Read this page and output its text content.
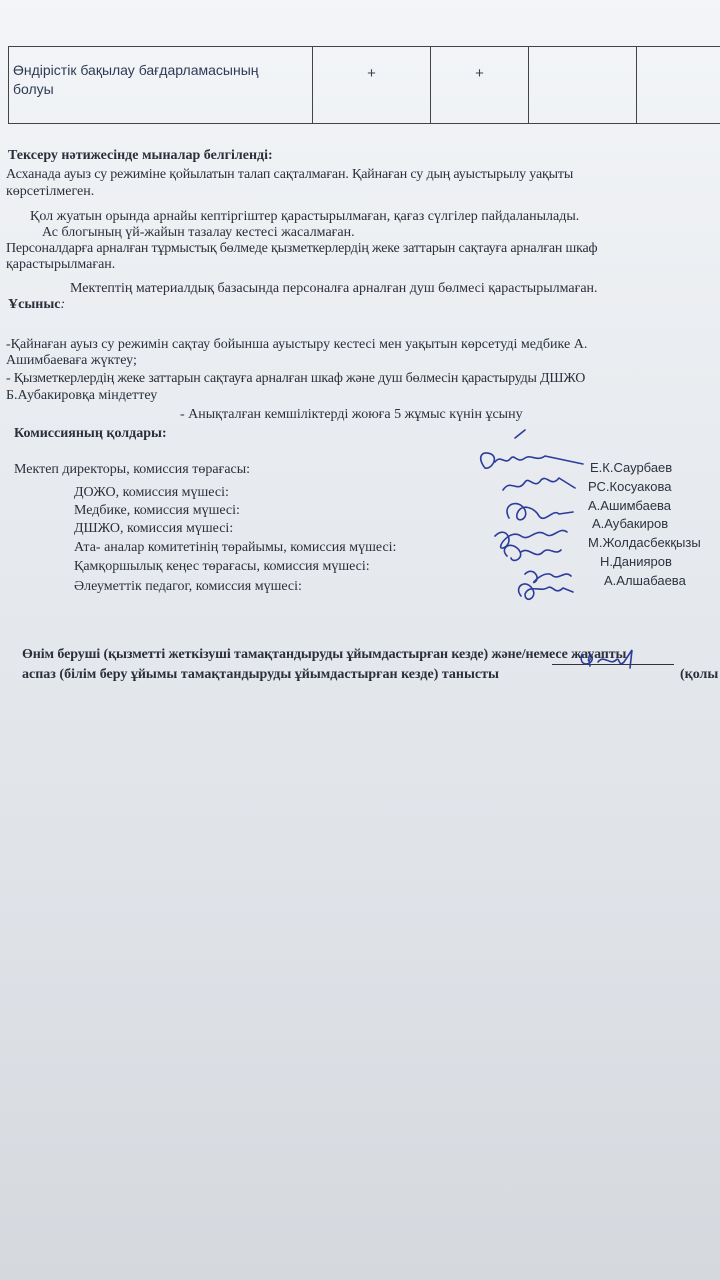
Өндірістік бақылау бағдарламасының болуы
+	+
Тексеру нәтижесінде мыналар белгіленді:
Асханада ауыз су режиміне қойылатын талап сақталмаған. Қайнаған су дың ауыстырылу уақыты
көрсетілмеген.
Қол жуатын орында арнайы кептіргіштер қарастырылмаған, қағаз сүлгілер пайдаланылады.
Ас блогының үй-жайын тазалау кестесі жасалмаған.
Персоналдарға арналған тұрмыстық бөлмеде қызметкерлердің жеке заттарын сақтауға арналған шкаф
қарастырылмаған.
Мектептің материалдық базасында персоналға арналған душ бөлмесі қарастырылмаған.
Ұсыныс:
-Қайнаған ауыз су режимін сақтау бойынша ауыстыру кестесі мен уақытын көрсетуді медбике А.
Ашимбаеваға жүктеу;
- Қызметкерлердің жеке заттарын сақтауға арналған шкаф және душ бөлмесін қарастыруды ДШЖО
Б.Аубакировқа міндеттеу
- Анықталған кемшіліктерді жоюға 5 жұмыс күнін ұсыну
Комиссияның қолдары:
Мектеп директоры, комиссия төрағасы:
ДОЖО, комиссия мүшесі:
Медбике, комиссия мүшесі:
ДШЖО, комиссия мүшесі:
Ата- аналар комитетінің төрайымы, комиссия мүшесі:
Қамқоршылық кеңес төрағасы, комиссия мүшесі:
Әлеуметтік педагог, комиссия мүшесі:
Е.К.Саурбаев
РС.Косуакова
А.Ашимбаева
А.Аубакиров
М.Жолдасбекқызы
Н.Данияров
А.Алшабаева
Өнім беруші (қызметті жеткізуші тамақтандыруды ұйымдастырған кезде) және/немесе жауапты
аспаз (білім беру ұйымы тамақтандыруды ұйымдастырған кезде) танысты	(қолы
